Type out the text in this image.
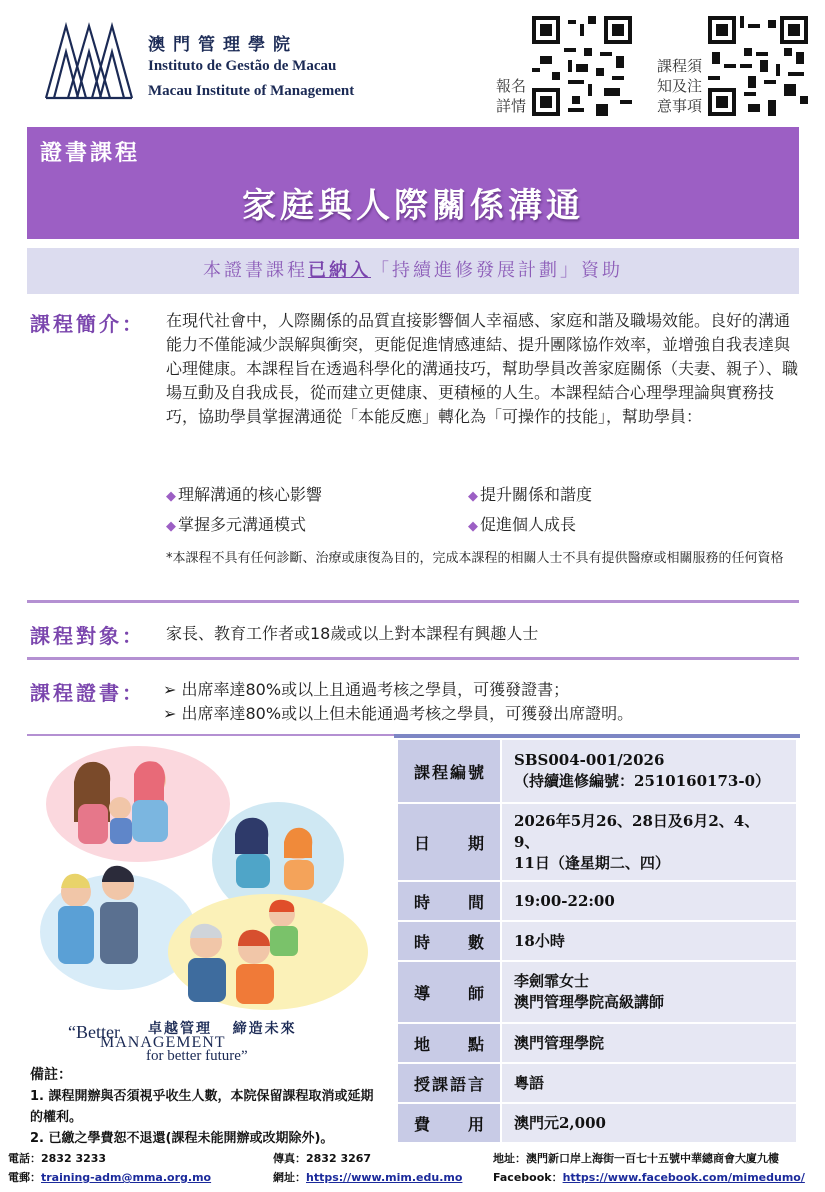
澳門管理學院
Instituto de Gestão de Macau
Macau Institute of Management	報名詳情
課程須知及注意事項
證書課程
家庭與人際關係溝通
本證書課程已納入「持續進修發展計劃」資助
課程簡介： 在現代社會中，人際關係的品質直接影響個人幸福感、家庭和諧及職場效能。良好的溝通能力不僅能減少誤解與衝突，更能促進情感連結、提升團隊協作效率，並增強自我表達與心理健康。本課程旨在透過科學化的溝通技巧，幫助學員改善家庭關係（夫妻、親子）、職場互動及自我成長，從而建立更健康、更積極的人生。本課程結合心理學理論與實務技巧，協助學員掌握溝通從「本能反應」轉化為「可操作的技能」，幫助學員：
◆ 理解溝通的核心影響	◆ 提升關係和諧度
◆ 掌握多元溝通模式	◆ 促進個人成長
*本課程不具有任何診斷、治療或康復為目的，完成本課程的相關人士不具有提供醫療或相關服務的任何資格
課程對象： 家長、教育工作者或18歲或以上對本課程有興趣人士
課程證書： ➢ 出席率達80%或以上且通過考核之學員，可獲發證書；
➢ 出席率達80%或以上但未能通過考核之學員，可獲發出席證明。
卓越管理 締造未來
“Better
MANAGEMENT
for better future”
備註：
1. 課程開辦與否須視乎收生人數，本院保留課程取消或延期的權利。
2. 已繳之學費恕不退還(課程未能開辦或改期除外)。
課程編號	SBS004-001/2026
（持續進修編號：2510160173-0）

日期	2026年5月26、28日及6月2、4、9、
11日（逢星期二、四）

時間	19:00-22:00
時數	18小時
導師	李劍霏女士
澳門管理學院高級講師

地點	澳門管理學院
授課語言	粵語
費用	澳門元2,000
電話：2832 3233	傳真：2832 3267	地址：澳門新口岸上海街一百七十五號中華總商會大廈九樓
電郵：training-adm@mma.org.mo	網址：https://www.mim.edu.mo	Facebook：https://www.facebook.com/mimedumo/
